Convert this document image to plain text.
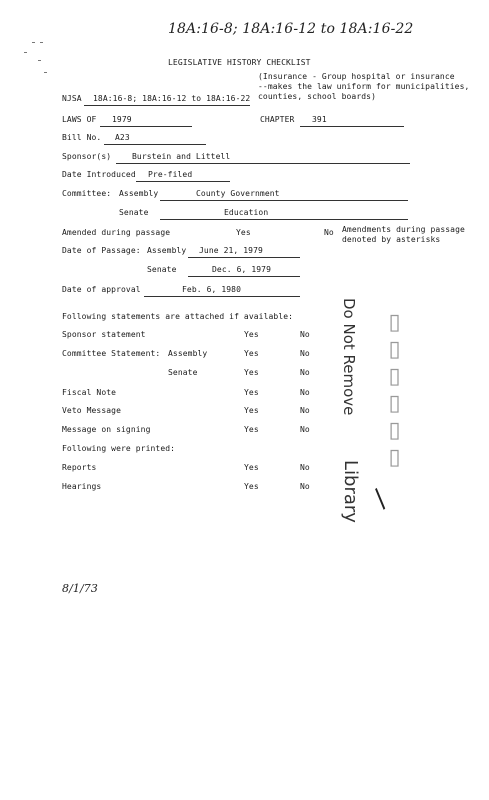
18A:16-8; 18A:16-12 to 18A:16-22
LEGISLATIVE HISTORY CHECKLIST
(Insurance - Group hospital or insurance
--makes the law uniform for municipalities,
counties, school boards)
NJSA 18A:16-8; 18A:16-12 to 18A:16-22
LAWS OF 1979	CHAPTER 391
Bill No. A23
Sponsor(s)	Burstein and Littell
Date Introduced Pre-filed
Committee: Assembly	County Government
Senate	Education
Amended during passage	Yes	No Amendments during passage
denoted by asterisks
Date of Passage: Assembly June 21, 1979
Senate	Dec. 6, 1979
Date of approval	Feb. 6, 1980
Following statements are attached if available:
Sponsor statement	Yes	No
Committee Statement: Assembly	Yes	No
Senate	Yes	No
Fiscal Note	Yes	No
Veto Message	Yes	No
Message on signing	Yes	No
Following were printed:
Reports	Yes	No
Hearings	Yes	No
▯▯▯▯▯▯
Do Not Remove
Library /
8/1/73
